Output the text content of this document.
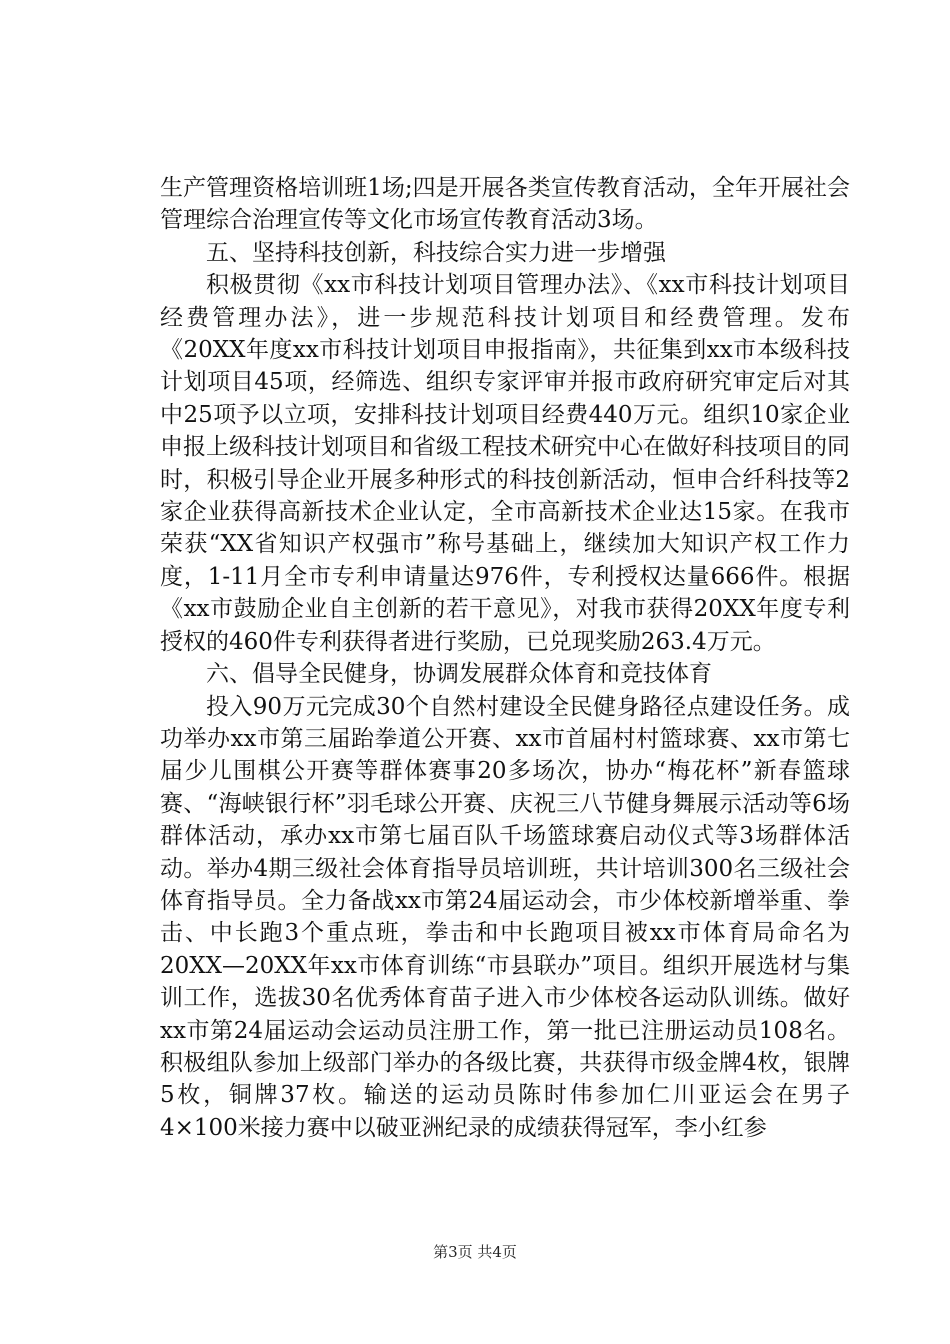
生产管理资格培训班1场;四是开展各类宣传教育活动，全年开展社会管理综合治理宣传等文化市场宣传教育活动3场。

五、坚持科技创新，科技综合实力进一步增强

积极贯彻《xx市科技计划项目管理办法》、《xx市科技计划项目经费管理办法》，进一步规范科技计划项目和经费管理。发布《20XX年度xx市科技计划项目申报指南》，共征集到xx市本级科技计划项目45项，经筛选、组织专家评审并报市政府研究审定后对其中25项予以立项，安排科技计划项目经费440万元。组织10家企业申报上级科技计划项目和省级工程技术研究中心在做好科技项目的同时，积极引导企业开展多种形式的科技创新活动，恒申合纤科技等2家企业获得高新技术企业认定，全市高新技术企业达15家。在我市荣获“XX省知识产权强市”称号基础上，继续加大知识产权工作力度，1-11月全市专利申请量达976件，专利授权达量666件。根据《xx市鼓励企业自主创新的若干意见》，对我市获得20XX年度专利授权的460件专利获得者进行奖励，已兑现奖励263.4万元。

六、倡导全民健身，协调发展群众体育和竞技体育

投入90万元完成30个自然村建设全民健身路径点建设任务。成功举办xx市第三届跆拳道公开赛、xx市首届村村篮球赛、xx市第七届少儿围棋公开赛等群体赛事20多场次，协办“梅花杯”新春篮球赛、“海峡银行杯”羽毛球公开赛、庆祝三八节健身舞展示活动等6场群体活动，承办xx市第七届百队千场篮球赛启动仪式等3场群体活动。举办4期三级社会体育指导员培训班，共计培训300名三级社会体育指导员。全力备战xx市第24届运动会，市少体校新增举重、拳击、中长跑3个重点班，拳击和中长跑项目被xx市体育局命名为20XX—20XX年xx市体育训练“市县联办”项目。组织开展选材与集训工作，选拔30名优秀体育苗子进入市少体校各运动队训练。做好xx市第24届运动会运动员注册工作，第一批已注册运动员108名。积极组队参加上级部门举办的各级比赛，共获得市级金牌4枚，银牌5枚，铜牌37枚。输送的运动员陈时伟参加仁川亚运会在男子4×100米接力赛中以破亚洲纪录的成绩获得冠军，李小红参

第3页 共4页
